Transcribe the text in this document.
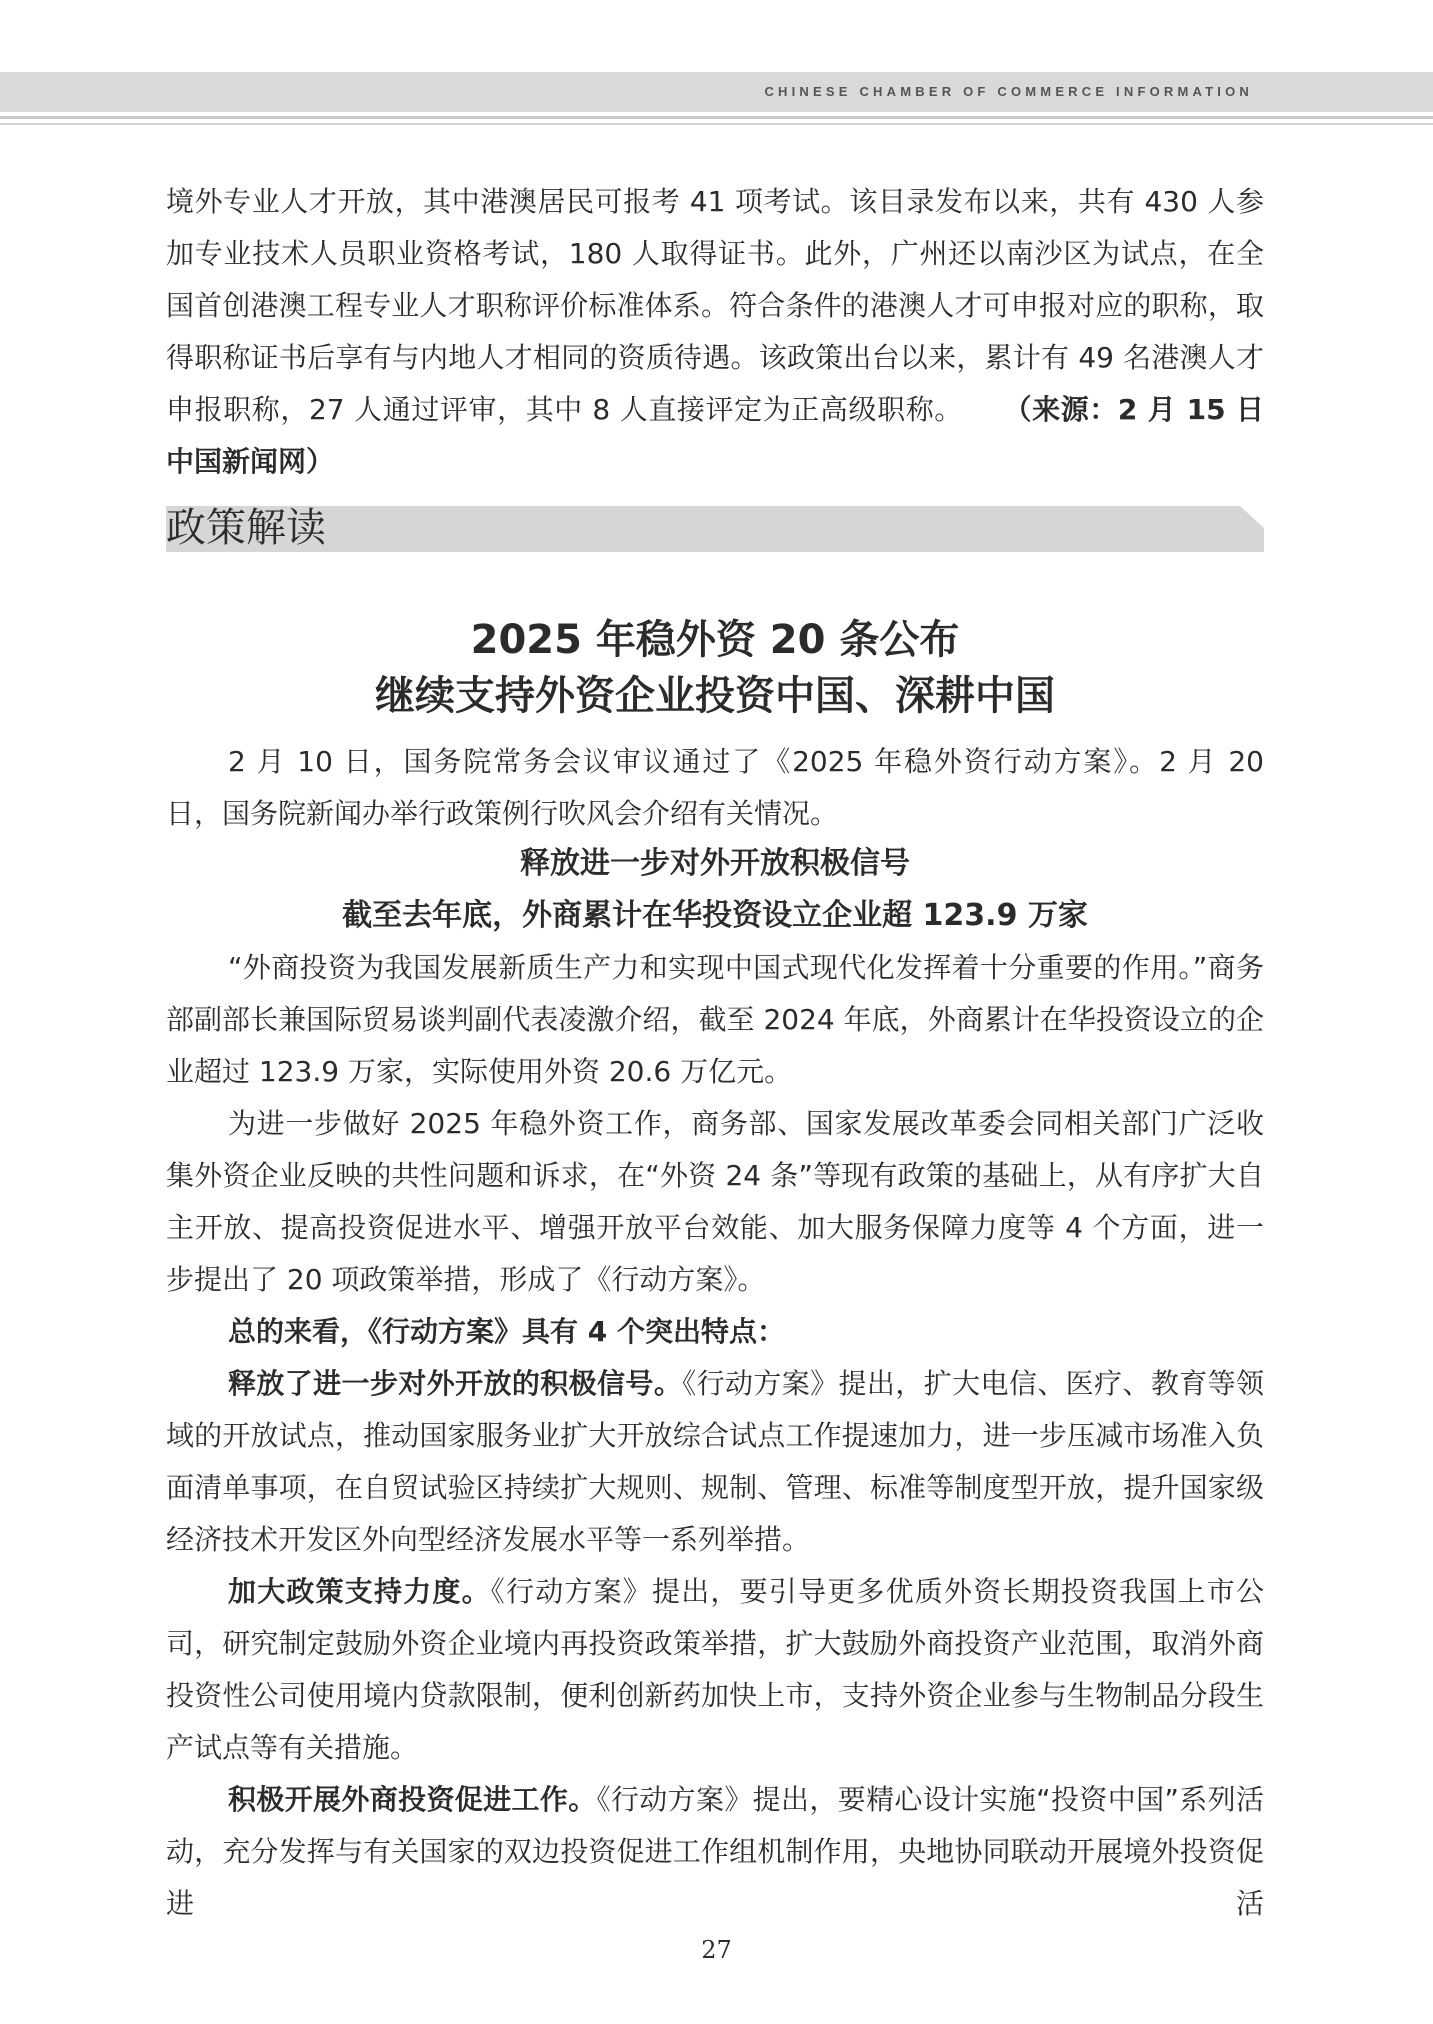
CHINESE CHAMBER OF COMMERCE INFORMATION

境外专业人才开放，其中港澳居民可报考 41 项考试。该目录发布以来，共有 430 人参加专业技术人员职业资格考试，180 人取得证书。此外，广州还以南沙区为试点，在全国首创港澳工程专业人才职称评价标准体系。符合条件的港澳人才可申报对应的职称，取得职称证书后享有与内地人才相同的资质待遇。该政策出台以来，累计有 49 名港澳人才申报职称，27 人通过评审，其中 8 人直接评定为正高级职称。 （来源：2 月 15 日中国新闻网）

政策解读
2025 年稳外资 20 条公布
继续支持外资企业投资中国、深耕中国

2 月 10 日，国务院常务会议审议通过了《2025 年稳外资行动方案》。2 月 20 日，国务院新闻办举行政策例行吹风会介绍有关情况。

释放进一步对外开放积极信号

截至去年底，外商累计在华投资设立企业超 123.9 万家

“外商投资为我国发展新质生产力和实现中国式现代化发挥着十分重要的作用。”商务部副部长兼国际贸易谈判副代表凌激介绍，截至 2024 年底，外商累计在华投资设立的企业超过 123.9 万家，实际使用外资 20.6 万亿元。

为进一步做好 2025 年稳外资工作，商务部、国家发展改革委会同相关部门广泛收集外资企业反映的共性问题和诉求，在“外资 24 条”等现有政策的基础上，从有序扩大自主开放、提高投资促进水平、增强开放平台效能、加大服务保障力度等 4 个方面，进一步提出了 20 项政策举措，形成了《行动方案》。

总的来看，《行动方案》具有 4 个突出特点：

释放了进一步对外开放的积极信号。《行动方案》提出，扩大电信、医疗、教育等领域的开放试点，推动国家服务业扩大开放综合试点工作提速加力，进一步压减市场准入负面清单事项，在自贸试验区持续扩大规则、规制、管理、标准等制度型开放，提升国家级经济技术开发区外向型经济发展水平等一系列举措。

加大政策支持力度。《行动方案》提出，要引导更多优质外资长期投资我国上市公司，研究制定鼓励外资企业境内再投资政策举措，扩大鼓励外商投资产业范围，取消外商投资性公司使用境内贷款限制，便利创新药加快上市，支持外资企业参与生物制品分段生产试点等有关措施。

积极开展外商投资促进工作。《行动方案》提出，要精心设计实施“投资中国”系列活动，充分发挥与有关国家的双边投资促进工作组机制作用，央地协同联动开展境外投资促进活

27
